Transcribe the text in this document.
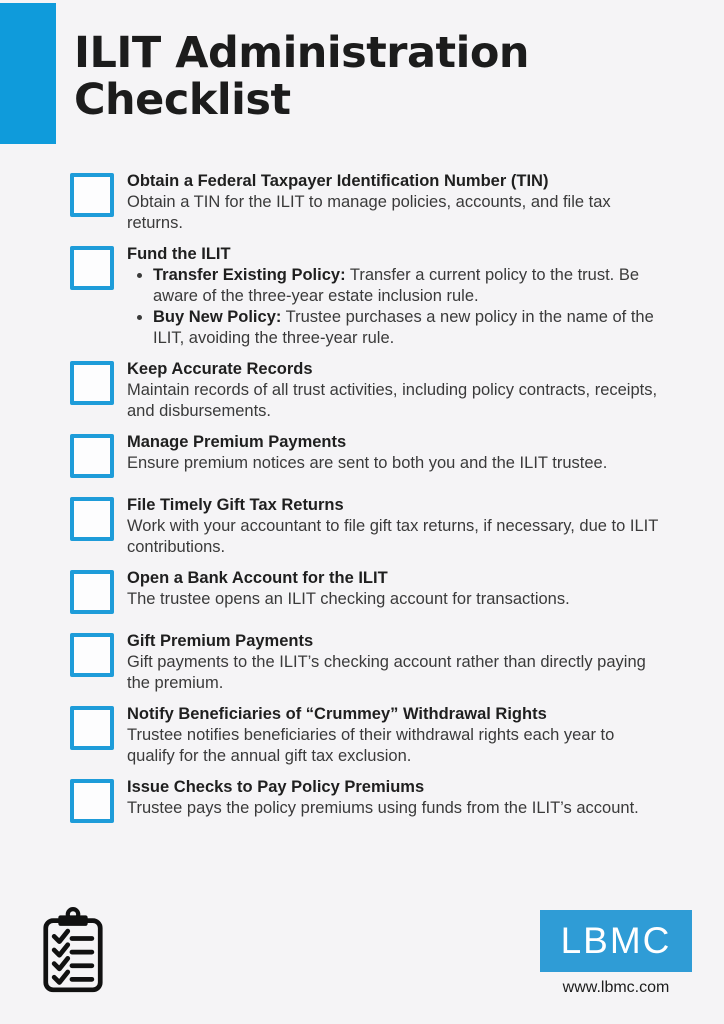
ILIT Administration Checklist
Obtain a Federal Taxpayer Identification Number (TIN)

Obtain a TIN for the ILIT to manage policies, accounts, and file tax returns.

Fund the ILIT
• Transfer Existing Policy: Transfer a current policy to the trust. Be aware of the three-year estate inclusion rule.
• Buy New Policy: Trustee purchases a new policy in the name of the ILIT, avoiding the three-year rule.
Keep Accurate Records

Maintain records of all trust activities, including policy contracts, receipts, and disbursements.

Manage Premium Payments

Ensure premium notices are sent to both you and the ILIT trustee.

File Timely Gift Tax Returns

Work with your accountant to file gift tax returns, if necessary, due to ILIT contributions.

Open a Bank Account for the ILIT

The trustee opens an ILIT checking account for transactions.

Gift Premium Payments

Gift payments to the ILIT’s checking account rather than directly paying the premium.

Notify Beneficiaries of “Crummey” Withdrawal Rights

Trustee notifies beneficiaries of their withdrawal rights each year to qualify for the annual gift tax exclusion.

Issue Checks to Pay Policy Premiums

Trustee pays the policy premiums using funds from the ILIT’s account.

LBMC
www.lbmc.com
